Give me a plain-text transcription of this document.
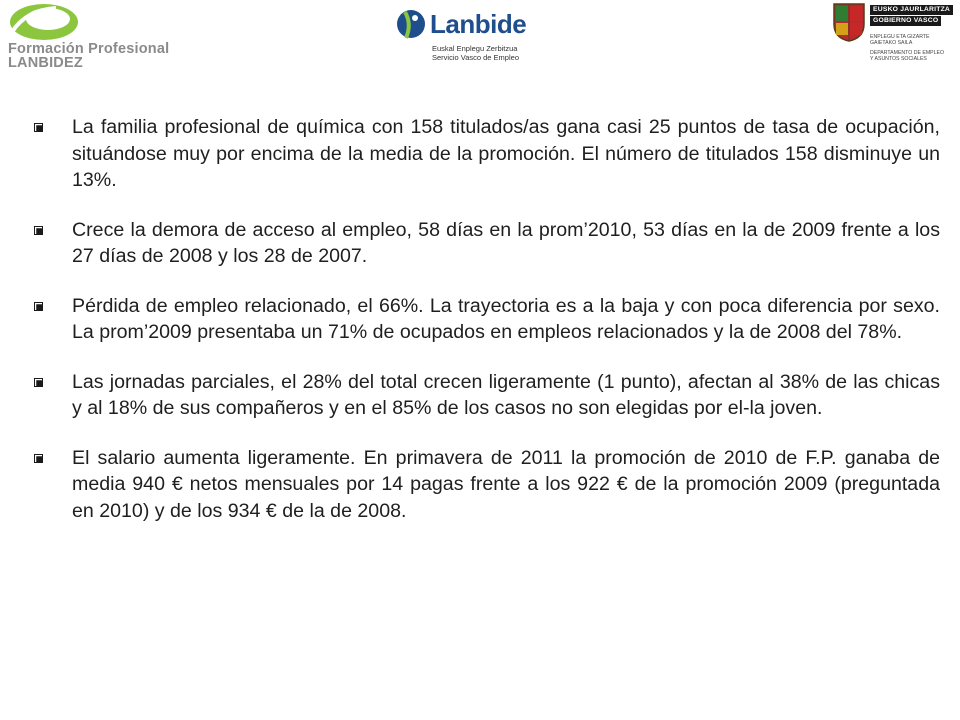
Formación Profesional
LANBIDEZ
Lanbide
Euskal Enplegu Zerbitzua
Servicio Vasco de Empleo
EUSKO JAURLARITZA
GOBIERNO VASCO
ENPLEGU ETA GIZARTE
GAIETAKO SAILA
DEPARTAMENTO DE EMPLEO
Y ASUNTOS SOCIALES
La familia profesional de química con 158 titulados/as gana casi 25 puntos de tasa de ocupación, situándose muy por encima de la media de la promoción. El número de titulados 158 disminuye un 13%.
Crece la demora de acceso al empleo, 58 días en la prom’2010, 53 días en la de 2009 frente a los 27 días de 2008 y los 28 de 2007.
Pérdida de empleo relacionado, el 66%. La trayectoria es a la baja y con poca diferencia por sexo. La prom’2009 presentaba un 71% de ocupados en empleos relacionados y la de 2008 del 78%.
Las jornadas parciales, el 28% del total crecen ligeramente (1 punto), afectan al 38% de las chicas y al 18% de sus compañeros y en el 85% de los casos no son elegidas por el-la joven.
El salario aumenta ligeramente. En primavera de 2011 la promoción de 2010 de F.P. ganaba de media 940 € netos mensuales por 14 pagas frente a los 922 € de la promoción 2009 (preguntada en 2010) y de los 934 € de la de 2008.
